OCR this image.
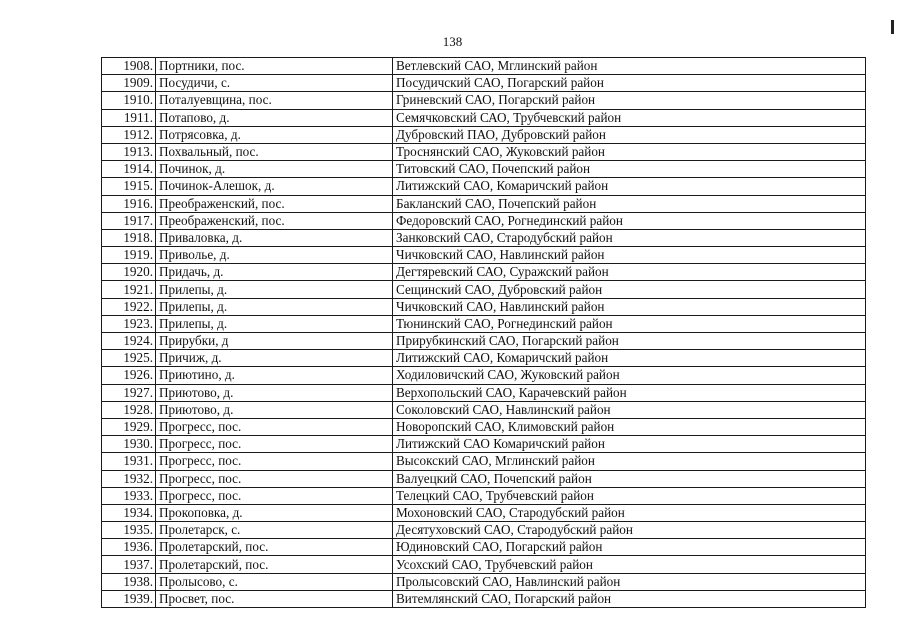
138
1908.	Портники, пос.	Ветлевский САО, Мглинский район
1909.	Посудичи, с.	Посудичский САО, Погарский район
1910.	Поталуевщина, пос.	Гриневский САО, Погарский район
1911.	Потапово, д.	Семячковский САО, Трубчевский район
1912.	Потрясовка, д.	Дубровский ПАО, Дубровский район
1913.	Похвальный, пос.	Троснянский САО, Жуковский район
1914.	Починок, д.	Титовский САО, Почепский район
1915.	Починок-Алешок, д.	Литижский САО, Комаричский район
1916.	Преображенский, пос.	Бакланский САО, Почепский район
1917.	Преображенский, пос.	Федоровский САО, Рогнединский район
1918.	Приваловка, д.	Занковский САО, Стародубский район
1919.	Приволье, д.	Чичковский САО, Навлинский район
1920.	Придачь, д.	Дегтяревский САО, Суражский район
1921.	Прилепы, д.	Сещинский САО, Дубровский район
1922.	Прилепы, д.	Чичковский САО, Навлинский район
1923.	Прилепы, д.	Тюнинский САО, Рогнединский район
1924.	Прирубки, д	Прирубкинский САО, Погарский район
1925.	Причиж, д.	Литижский САО, Комаричский район
1926.	Приютино, д.	Ходиловичский САО, Жуковский район
1927.	Приютово, д.	Верхопольский САО, Карачевский район
1928.	Приютово, д.	Соколовский САО, Навлинский район
1929.	Прогресс, пос.	Новоропский САО, Климовский район
1930.	Прогресс, пос.	Литижский САО Комаричский район
1931.	Прогресс, пос.	Высокский САО, Мглинский район
1932.	Прогресс, пос.	Валуецкий САО, Почепский район
1933.	Прогресс, пос.	Телецкий САО, Трубчевский район
1934.	Прокоповка, д.	Мохоновский САО, Стародубский район
1935.	Пролетарск, с.	Десятуховский САО, Стародубский район
1936.	Пролетарский, пос.	Юдиновский САО, Погарский район
1937.	Пролетарский, пос.	Усохский САО, Трубчевский район
1938.	Пролысово, с.	Пролысовский САО, Навлинский район
1939.	Просвет, пос.	Витемлянский САО, Погарский район
